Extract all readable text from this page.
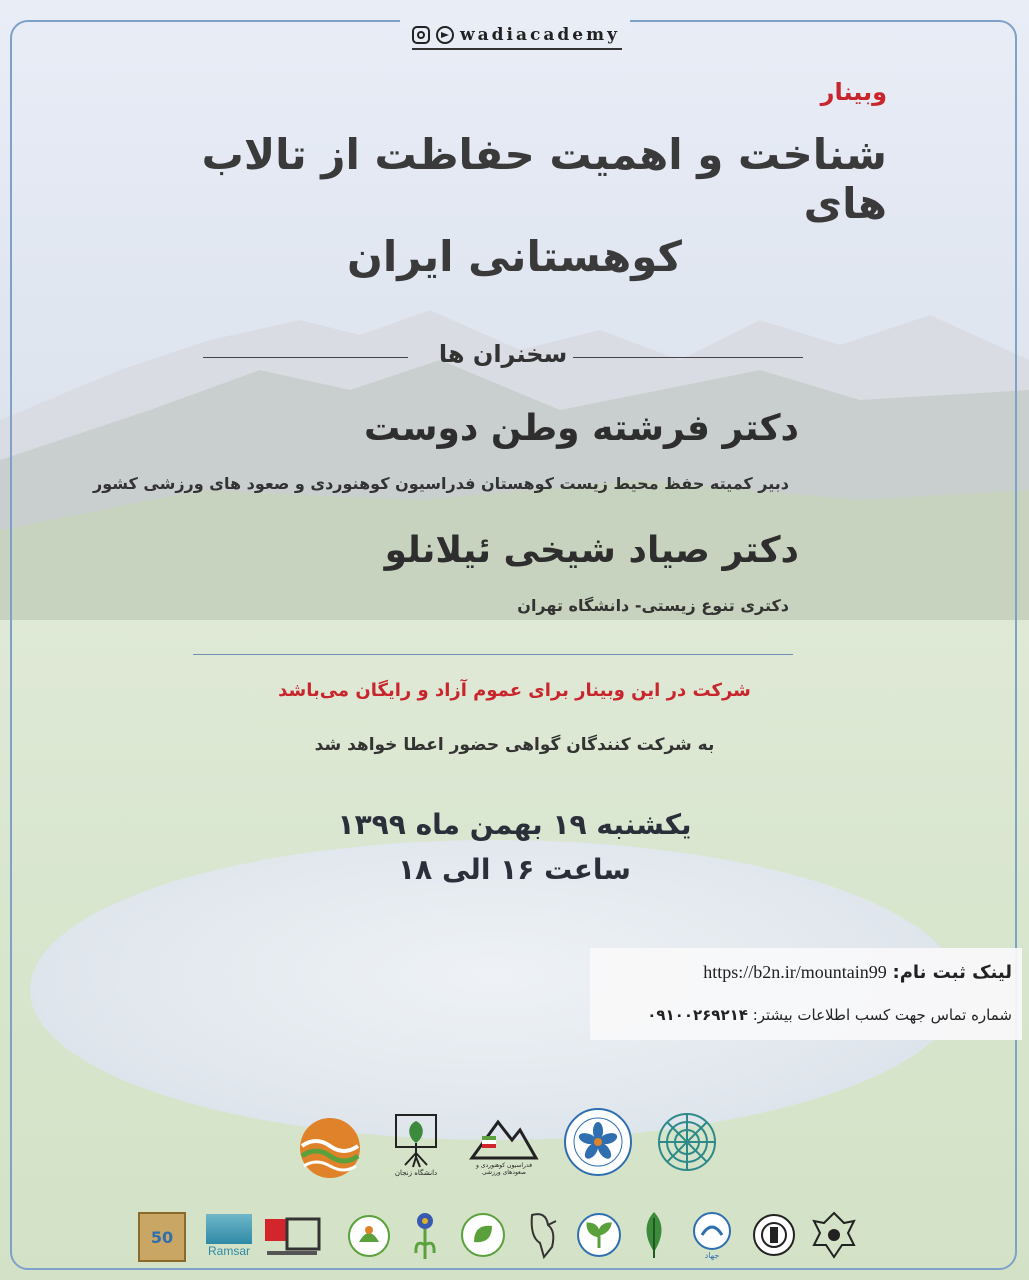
wadiacademy
وبینار
شناخت و اهمیت حفاظت از تالاب های
کوهستانی ایران
سخنران ها
دکتر فرشته وطن دوست
دبیر کمیته حفظ محیط زیست کوهستان فدراسیون کوهنوردی و صعود های ورزشی کشور
دکتر صیاد شیخی ئیلانلو
دکتری تنوع زیستی- دانشگاه تهران
شرکت در این وبینار برای عموم آزاد و رایگان می‌باشد
به شرکت کنندگان گواهی حضور اعطا خواهد شد
یکشنبه ۱۹ بهمن ماه ۱۳۹۹
ساعت ۱۶ الی ۱۸
لینک ثبت نام: https://b2n.ir/mountain99
شماره تماس جهت کسب اطلاعات بیشتر: ۰۹۱۰۰۲۶۹۲۱۴
دانشگاه زنجان
فدراسیون کوهنوردی و صعودهای ورزشی
50
Ramsar	جهاد
